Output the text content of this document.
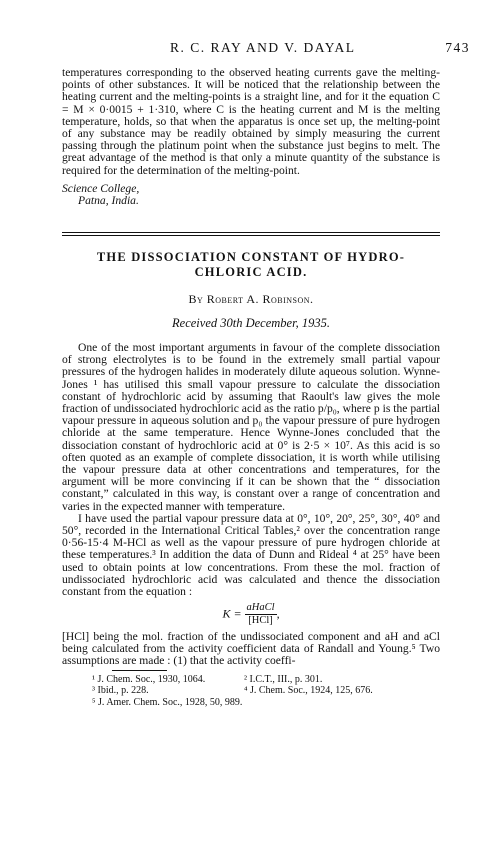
R. C. RAY AND V. DAYAL	743

temperatures corresponding to the observed heating currents gave the melting-points of other substances. It will be noticed that the relationship between the heating current and the melting-points is a straight line, and for it the equation C = M × 0·0015 + 1·310, where C is the heating current and M is the melting temperature, holds, so that when the apparatus is once set up, the melting-point of any substance may be readily obtained by simply measuring the current passing through the platinum point when the substance just begins to melt. The great advantage of the method is that only a minute quantity of the substance is required for the determination of the melting-point.

Science College,
Patna, India.
THE DISSOCIATION CONSTANT OF HYDRO-
CHLORIC ACID.
By Robert A. Robinson.
Received 30th December, 1935.

One of the most important arguments in favour of the complete dissociation of strong electrolytes is to be found in the extremely small partial vapour pressures of the hydrogen halides in moderately dilute aqueous solution. Wynne-Jones ¹ has utilised this small vapour pressure to calculate the dissociation constant of hydrochloric acid by assuming that Raoult's law gives the mole fraction of undissociated hydrochloric acid as the ratio p/p₀, where p is the partial vapour pressure in aqueous solution and p₀ the vapour pressure of pure hydrogen chloride at the same temperature. Hence Wynne-Jones concluded that the dissociation constant of hydrochloric acid at 0° is 2·5 × 10⁷. As this acid is so often quoted as an example of complete dissociation, it is worth while utilising the vapour pressure data at other concentrations and temperatures, for the argument will be more convincing if it can be shown that the “ dissociation constant,” calculated in this way, is constant over a range of concentration and varies in the expected manner with temperature.

I have used the partial vapour pressure data at 0°, 10°, 20°, 25°, 30°, 40° and 50°, recorded in the International Critical Tables,² over the concentration range 0·56-15·4 M-HCl as well as the vapour pressure of pure hydrogen chloride at these temperatures.³ In addition the data of Dunn and Rideal ⁴ at 25° have been used to obtain points at low concentrations. From these the mol. fraction of undissociated hydrochloric acid was calculated and thence the dissociation constant from the equation :

$K = \frac{\text{aHaCl}}{\text{[HCl]}}$ ,

[HCl] being the mol. fraction of the undissociated component and aH and aCl being calculated from the activity coefficient data of Randall and Young.⁵ Two assumptions are made : (1) that the activity coeffi-

¹ J. Chem. Soc., 1930, 1064.	² I.C.T., III., p. 301.
³ Ibid., p. 228.	⁴ J. Chem. Soc., 1924, 125, 676.
⁵ J. Amer. Chem. Soc., 1928, 50, 989.
